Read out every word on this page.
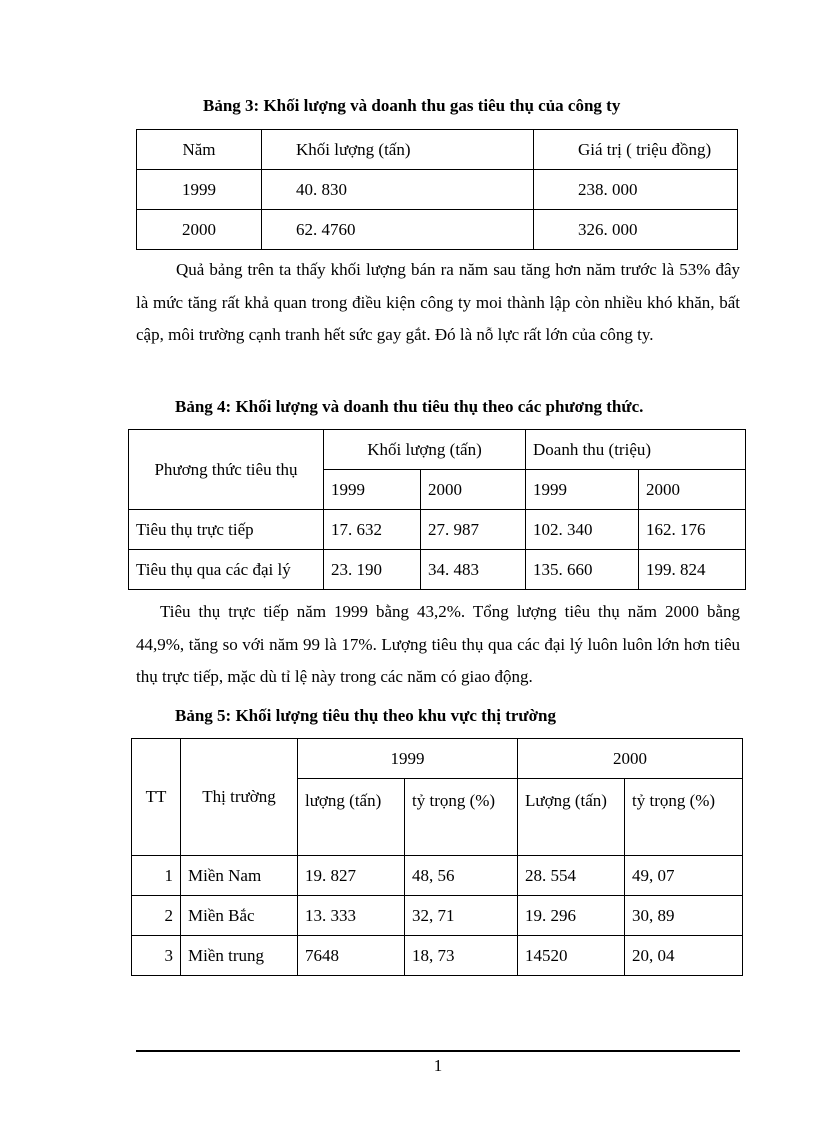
Bảng 3: Khối lượng và doanh thu gas tiêu thụ của công ty
Năm	Khối lượng (tấn)	Giá trị ( triệu đồng)
1999	40. 830	238. 000
2000	62. 4760	326. 000

Quả bảng trên ta thấy khối lượng bán ra năm sau tăng hơn năm trước là 53% đây là mức tăng rất khả quan trong điều kiện công ty moi thành lập còn nhiều khó khăn, bất cập, môi trường cạnh tranh hết sức gay gắt. Đó là nỗ lực rất lớn của công ty.

Bảng 4: Khối lượng và doanh thu tiêu thụ theo các phương thức.
Phương thức tiêu thụ	Khối lượng (tấn)		Doanh thu (triệu)	
	1999	2000	1999	2000
Tiêu thụ trực tiếp	17. 632	27. 987	102. 340	162. 176
Tiêu thụ qua các đại lý	23. 190	34. 483	135. 660	199. 824

Tiêu thụ trực tiếp năm 1999 bằng 43,2%. Tổng lượng tiêu thụ năm 2000 bằng 44,9%, tăng so với năm 99 là 17%. Lượng tiêu thụ qua các đại lý luôn luôn lớn hơn tiêu thụ trực tiếp, mặc dù tỉ lệ này trong các năm có giao động.

Bảng 5: Khối lượng tiêu thụ theo khu vực thị trường
TT	Thị trường	1999		2000	
		lượng (tấn)	tỷ trọng (%)	Lượng (tấn)	tỷ trọng (%)
1	Miền Nam	19. 827	48, 56	28. 554	49, 07
2	Miền Bắc	13. 333	32, 71	19. 296	30, 89
3	Miền trung	7648	18, 73	14520	20, 04
1
